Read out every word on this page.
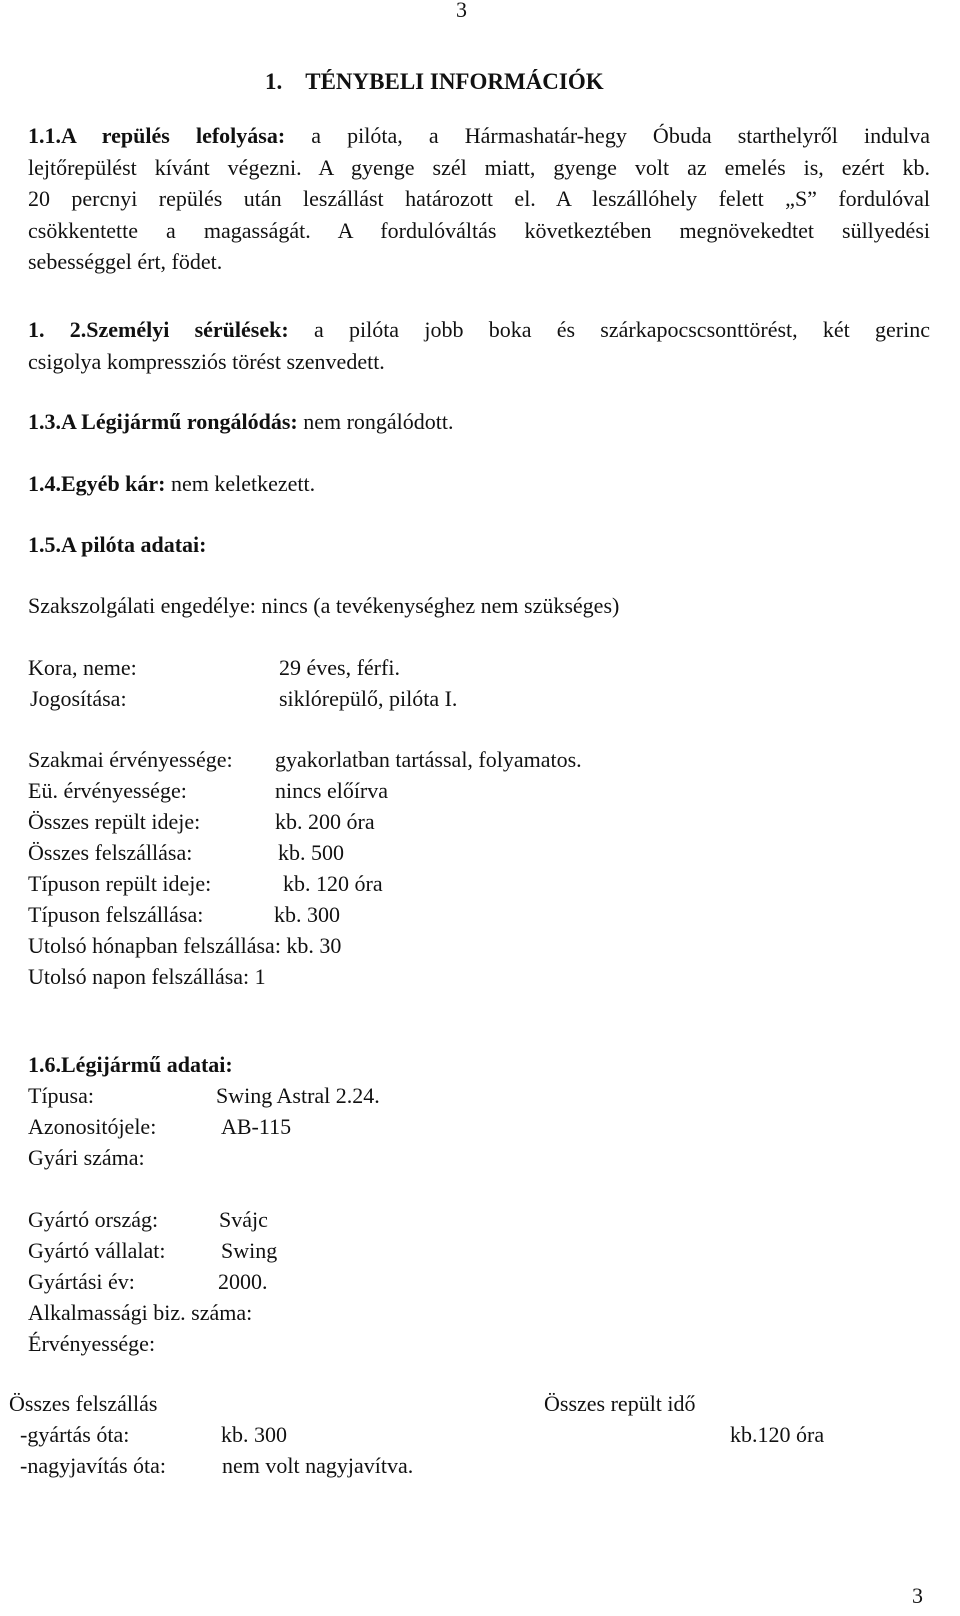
3
1. TÉNYBELI INFORMÁCIÓK
1.1.A repülés lefolyása: a pilóta, a Hármashatár-hegy Óbuda starthelyről indulva
lejtőrepülést kívánt végezni. A gyenge szél miatt, gyenge volt az emelés is, ezért kb.
20 percnyi repülés után leszállást határozott el. A leszállóhely felett „S” fordulóval
csökkentette a magasságát. A fordulóváltás következtében megnövekedtet süllyedési
sebességgel ért, födet.
1. 2.Személyi sérülések: a pilóta jobb boka és szárkapocscsonttörést, két gerinc
csigolya kompressziós törést szenvedett.
1.3.A Légijármű rongálódás: nem rongálódott.
1.4.Egyéb kár: nem keletkezett.
1.5.A pilóta adatai:
Szakszolgálati engedélye: nincs (a tevékenységhez nem szükséges)
Kora, neme:	29 éves, férfi.
Jogosítása:	siklórepülő, pilóta I.
Szakmai érvényessége: gyakorlatban tartással, folyamatos.
Eü. érvényessége:	nincs előírva
Összes repült ideje:	kb. 200 óra
Összes felszállása:	kb. 500
Típuson repült ideje:	kb. 120 óra
Típuson felszállása:	kb. 300
Utolsó hónapban felszállása: kb. 30
Utolsó napon felszállása: 1
1.6.Légijármű adatai:
Típusa:	Swing Astral 2.24.
Azonositójele:	AB-115
Gyári száma:
Gyártó ország:	Svájc
Gyártó vállalat:	Swing
Gyártási év:	2000.
Alkalmassági biz. száma:
Érvényessége:
Összes felszállás	Összes repült idő
-gyártás óta:	kb. 300	kb.120 óra
-nagyjavítás óta:	nem volt nagyjavítva.
3
